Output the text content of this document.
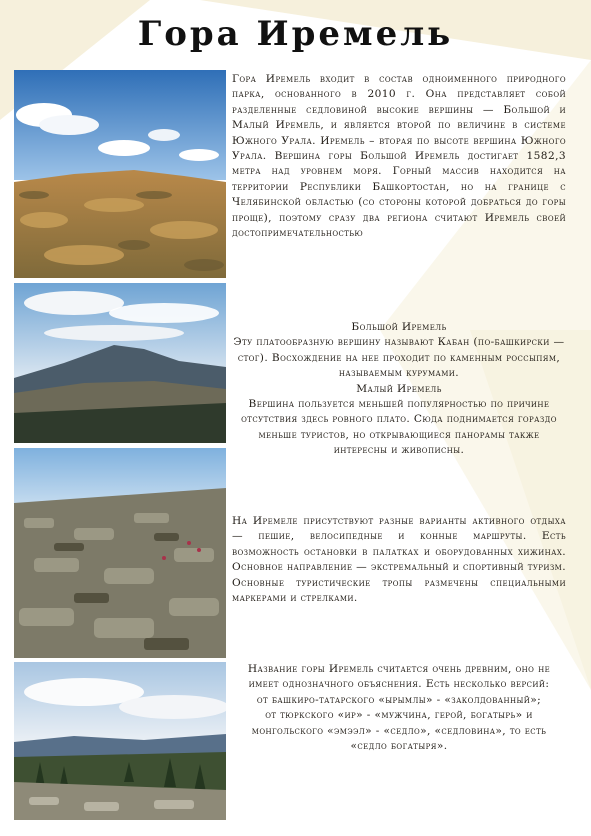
Гора Иремель
Гора Иремель входит в состав одноименного природного парка, основанного в 2010 г. Она представляет собой разделенные седловиной высокие вершины — Большой и Малый Иремель, и является второй по величине в системе Южного Урала. Иремель – вторая по высоте вершина Южного Урала. Вершина горы Большой Иремель достигает 1582,3 метра над уровнем моря. Горный массив находится на территории Республики Башкортостан, но на границе с Челябинской областью (со стороны которой добраться до горы проще), поэтому сразу два региона считают Иремель своей достопримечательностью
Большой Иремель
Эту платообразную вершину называют Кабан (по-башкирски — стог). Восхождение на нее проходит по каменным россыпям, называемым курумами.
Малый Иремель
Вершина пользуется меньшей популярностью по причине отсутствия здесь ровного плато. Сюда поднимается гораздо меньше туристов, но открывающиеся панорамы также интересны и живописны.
На Иремеле присутствуют разные варианты активного отдыха — пешие, велосипедные и конные маршруты. Есть возможность остановки в палатках и оборудованных хижинах. Основное направление — экстремальный и спортивный туризм. Основные туристические тропы размечены специальными маркерами и стрелками.
Название горы Иремель считается очень древним, оно не имеет однозначного объяснения. Есть несколько версий:
от башкиро-татарского «ырымлы» - «заколдованный»;
от тюркского «ир» - «мужчина, герой, богатырь» и монгольского «эмээл» - «седло», «седловина», то есть «седло богатыря».
